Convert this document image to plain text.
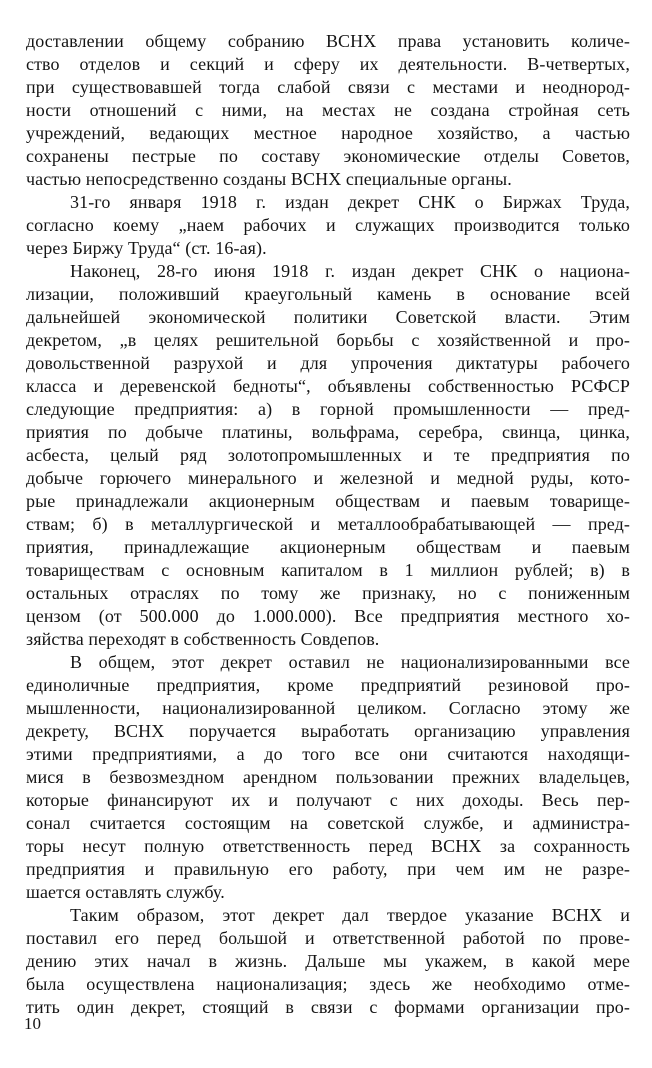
доставлении общему собранию ВСНХ права установить количе-
ство отделов и секций и сферу их деятельности. В-четвертых,
при существовавшей тогда слабой связи с местами и неоднород-
ности отношений с ними, на местах не создана стройная сеть
учреждений, ведающих местное народное хозяйство, а частью
сохранены пестрые по составу экономические отделы Советов,
частью непосредственно созданы ВСНХ специальные органы.
31-го января 1918 г. издан декрет СНК о Биржах Труда,
согласно коему „наем рабочих и служащих производится только
через Биржу Труда“ (ст. 16-ая).
Наконец, 28-го июня 1918 г. издан декрет СНК о национа-
лизации, положивший краеугольный камень в основание всей
дальнейшей экономической политики Советской власти. Этим
декретом, „в целях решительной борьбы с хозяйственной и про-
довольственной разрухой и для упрочения диктатуры рабочего
класса и деревенской бедноты“, объявлены собственностью РСФСР
следующие предприятия: а) в горной промышленности — пред-
приятия по добыче платины, вольфрама, серебра, свинца, цинка,
асбеста, целый ряд золотопромышленных и те предприятия по
добыче горючего минерального и железной и медной руды, кото-
рые принадлежали акционерным обществам и паевым товарище-
ствам; б) в металлургической и металлообрабатывающей — пред-
приятия, принадлежащие акционерным обществам и паевым
товариществам с основным капиталом в 1 миллион рублей; в) в
остальных отраслях по тому же признаку, но с пониженным
цензом (от 500.000 до 1.000.000). Все предприятия местного хо-
зяйства переходят в собственность Совдепов.
В общем, этот декрет оставил не национализированными все
единоличные предприятия, кроме предприятий резиновой про-
мышленности, национализированной целиком. Согласно этому же
декрету, ВСНХ поручается выработать организацию управления
этими предприятиями, а до того все они считаются находящи-
мися в безвозмездном арендном пользовании прежних владельцев,
которые финансируют их и получают с них доходы. Весь пер-
сонал считается состоящим на советской службе, и администра-
торы несут полную ответственность перед ВСНХ за сохранность
предприятия и правильную его работу, при чем им не разре-
шается оставлять службу.
Таким образом, этот декрет дал твердое указание ВСНХ и
поставил его перед большой и ответственной работой по прове-
дению этих начал в жизнь. Дальше мы укажем, в какой мере
была осуществлена национализация; здесь же необходимо отме-
тить один декрет, стоящий в связи с формами организации про-
10
